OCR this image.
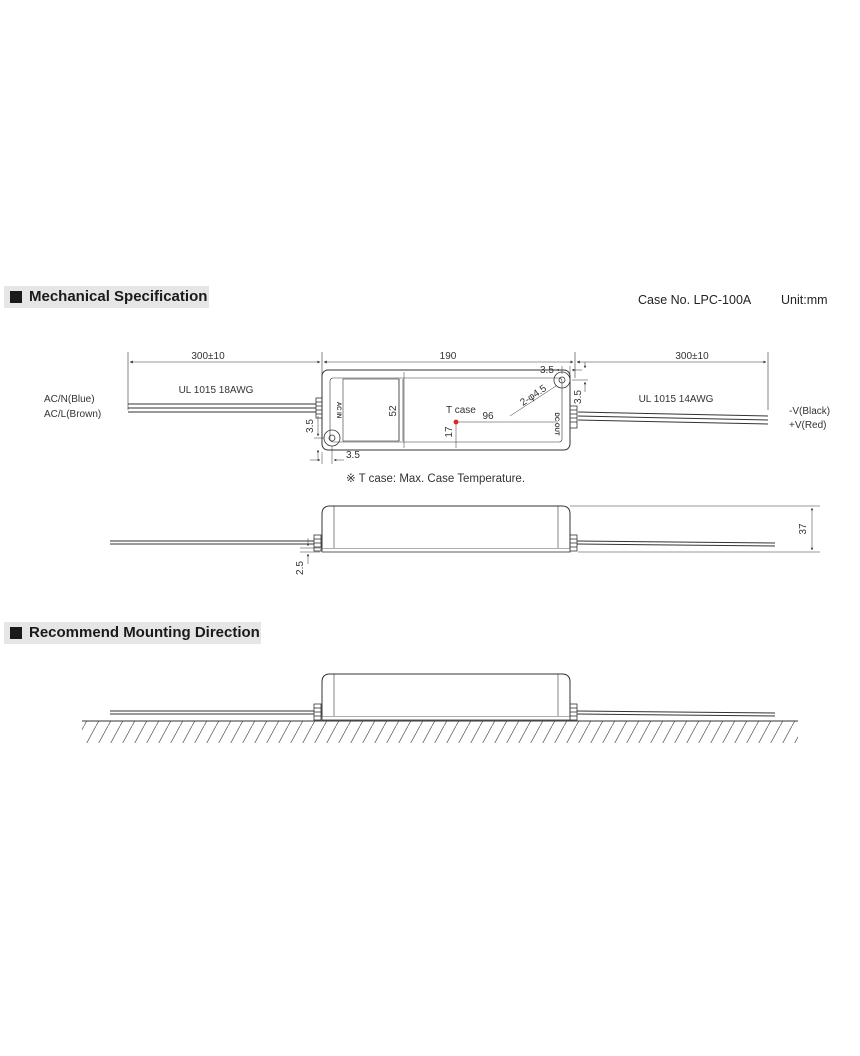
Mechanical Specification	Case No. LPC-100A Unit:mm
Recommend Mounting Direction
300±10	190	300±10
UL 1015 18AWG
UL 1015 14AWG
AC/N(Blue)
AC/L(Brown)	-V(Black)
+V(Red)
T case
96
52
17
3.5
3.5
3.5
3.5
2-φ4.5
AC IN
DC OUT
※ T case: Max. Case Temperature.
37
2.5
